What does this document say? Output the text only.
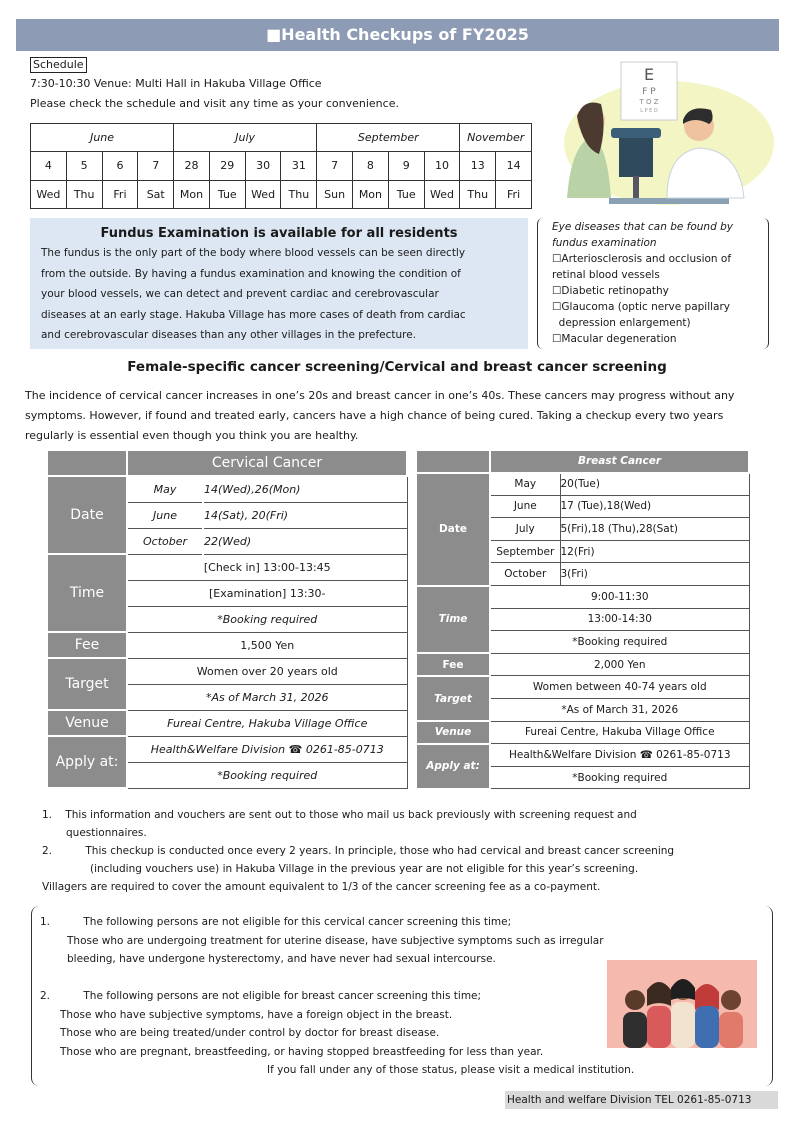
■Health Checkups of FY2025
Schedule
7:30-10:30 Venue: Multi Hall in Hakuba Village Office
Please check the schedule and visit any time as your convenience.
June				July				September				November	
4	5	6	7	28	29	30	31	7	8	9	10	13	14
Wed	Thu	Fri	Sat	Mon	Tue	Wed	Thu	Sun	Mon	Tue	Wed	Thu	Fri
E
F P
T O Z
L P E D
Fundus Examination is available for all residents

The fundus is the only part of the body where blood vessels can be seen directly
from the outside. By having a fundus examination and knowing the condition of
your blood vessels, we can detect and prevent cardiac and cerebrovascular
diseases at an early stage. Hakuba Village has more cases of death from cardiac
and cerebrovascular diseases than any other villages in the prefecture.

Eye diseases that can be found by
fundus examination
☐Arteriosclerosis and occlusion of
retinal blood vessels
☐Diabetic retinopathy
☐Glaucoma (optic nerve papillary
depression enlargement)
☐Macular degeneration
Female-specific cancer screening/Cervical and breast cancer screening
The incidence of cervical cancer increases in one’s 20s and breast cancer in one’s 40s. These cancers may progress without any
symptoms. However, if found and treated early, cancers have a high chance of being cured. Taking a checkup every two years
regularly is essential even though you think you are healthy.
	Cervical Cancer	
Date	May	14(Wed),26(Mon)
	June	14(Sat), 20(Fri)
	October	22(Wed)
Time	[Check in] 13:00-13:45	
	[Examination] 13:30-	
	*Booking required	
Fee	1,500 Yen	
Target	Women over 20 years old	
	*As of March 31, 2026	
Venue	Fureai Centre, Hakuba Village Office	
Apply at:	Health&Welfare Division ☎ 0261-85-0713	
	*Booking required	
	Breast Cancer	
Date	May	20(Tue)
	June	17 (Tue),18(Wed)
	July	5(Fri),18 (Thu),28(Sat)
	September	12(Fri)
	October	3(Fri)
Time	9:00-11:30	
	13:00-14:30	
	*Booking required	
Fee	2,000 Yen	
Target	Women between 40-74 years old	
	*As of March 31, 2026	
Venue	Fureai Centre, Hakuba Village Office	
Apply at:	Health&Welfare Division ☎ 0261-85-0713	
	*Booking required	
1.    This information and vouchers are sent out to those who mail us back previously with screening request and
questionnaires.
2.          This checkup is conducted once every 2 years. In principle, those who had cervical and breast cancer screening
(including vouchers use) in Hakuba Village in the previous year are not eligible for this year’s screening.
Villagers are required to cover the amount equivalent to 1/3 of the cancer screening fee as a co-payment.
1.          The following persons are not eligible for this cervical cancer screening this time;
Those who are undergoing treatment for uterine disease, have subjective symptoms such as irregular
bleeding, have undergone hysterectomy, and have never had sexual intercourse.
2.          The following persons are not eligible for breast cancer screening this time;
Those who have subjective symptoms, have a foreign object in the breast.
Those who are being treated/under control by doctor for breast disease.
Those who are pregnant, breastfeeding, or having stopped breastfeeding for less than year.
If you fall under any of those status, please visit a medical institution.
Health and welfare Division TEL 0261-85-0713
